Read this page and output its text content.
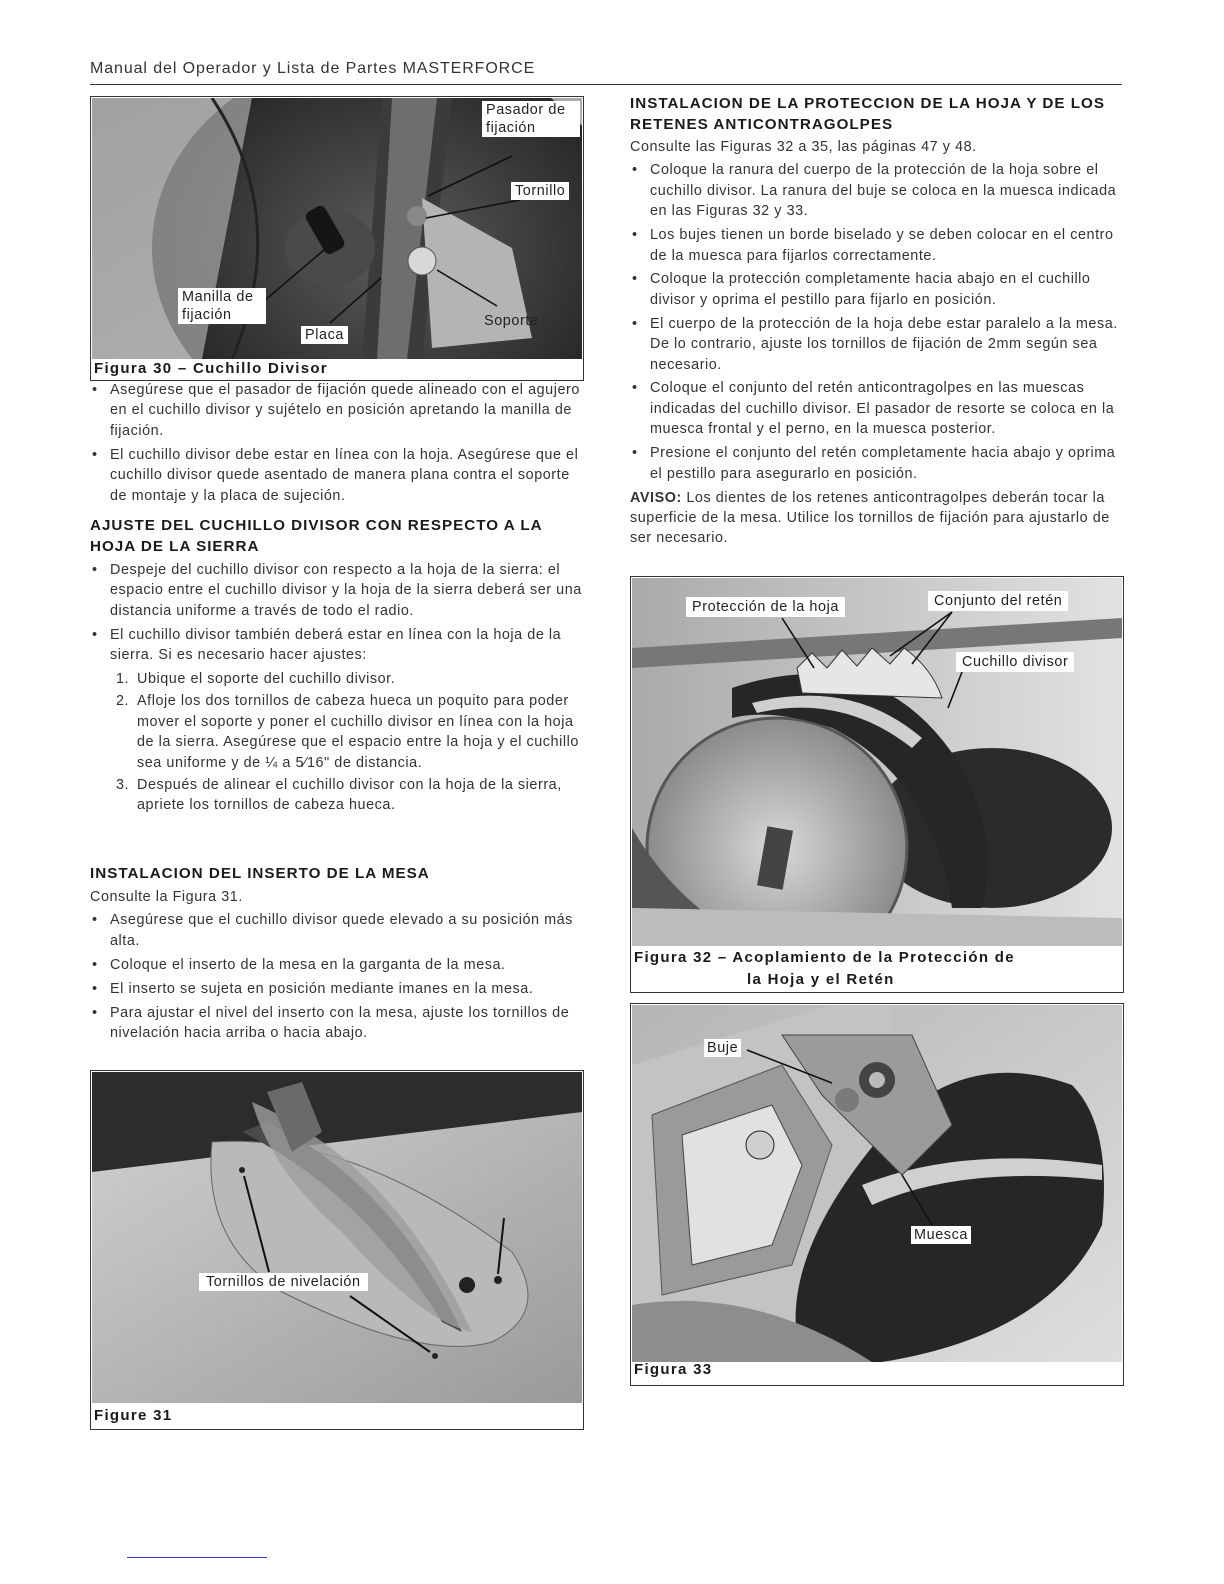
Manual del Operador y Lista de Partes MASTERFORCE
Pasador de fijación
Tornillo
Manilla de fijación
Placa
Soporte
Figura 30 – Cuchillo Divisor

• Asegúrese que el pasador de fijación quede alineado con el agujero en el cuchillo divisor y sujételo en posición apretando la manilla de fijación.

• El cuchillo divisor debe estar en línea con la hoja. Asegúrese que el cuchillo divisor quede asentado de manera plana contra el soporte de montaje y la placa de sujeción.

AJUSTE DEL CUCHILLO DIVISOR CON RESPECTO A LA HOJA DE LA SIERRA

• Despeje del cuchillo divisor con respecto a la hoja de la sierra: el espacio entre el cuchillo divisor y la hoja de la sierra deberá ser una distancia uniforme a través de todo el radio.

• El cuchillo divisor también deberá estar en línea con la hoja de la sierra. Si es necesario hacer ajustes:

1. Ubique el soporte del cuchillo divisor.

2. Afloje los dos tornillos de cabeza hueca un poquito para poder mover el soporte y poner el cuchillo divisor en línea con la hoja de la sierra. Asegúrese que el espacio entre la hoja y el cuchillo sea uniforme y de ¼ a 5⁄16" de distancia.

3. Después de alinear el cuchillo divisor con la hoja de la sierra, apriete los tornillos de cabeza hueca.

INSTALACION DEL INSERTO DE LA MESA

Consulte la Figura 31.

• Asegúrese que el cuchillo divisor quede elevado a su posición más alta.

• Coloque el inserto de la mesa en la garganta de la mesa.

• El inserto se sujeta en posición mediante imanes en la mesa.

• Para ajustar el nivel del inserto con la mesa, ajuste los tornillos de nivelación hacia arriba o hacia abajo.

Tornillos de nivelación
Figure 31

INSTALACION DE LA PROTECCION DE LA HOJA Y DE LOS RETENES ANTICONTRAGOLPES

Consulte las Figuras 32 a 35, las páginas 47 y 48.

• Coloque la ranura del cuerpo de la protección de la hoja sobre el cuchillo divisor. La ranura del buje se coloca en la muesca indicada en las Figuras 32 y 33.

• Los bujes tienen un borde biselado y se deben colocar en el centro de la muesca para fijarlos correctamente.

• Coloque la protección completamente hacia abajo en el cuchillo divisor y oprima el pestillo para fijarlo en posición.

• El cuerpo de la protección de la hoja debe estar paralelo a la mesa. De lo contrario, ajuste los tornillos de fijación de 2mm según sea necesario.

• Coloque el conjunto del retén anticontragolpes en las muescas indicadas del cuchillo divisor. El pasador de resorte se coloca en la muesca frontal y el perno, en la muesca posterior.

• Presione el conjunto del retén completamente hacia abajo y oprima el pestillo para asegurarlo en posición.

AVISO: Los dientes de los retenes anticontragolpes deberán tocar la superficie de la mesa. Utilice los tornillos de fijación para ajustarlo de ser necesario.

Protección de la hoja	Conjunto del retén
Cuchillo divisor
Figura 32 – Acoplamiento de la Protección de
la Hoja y el Retén
Buje
Muesca
Figura 33
